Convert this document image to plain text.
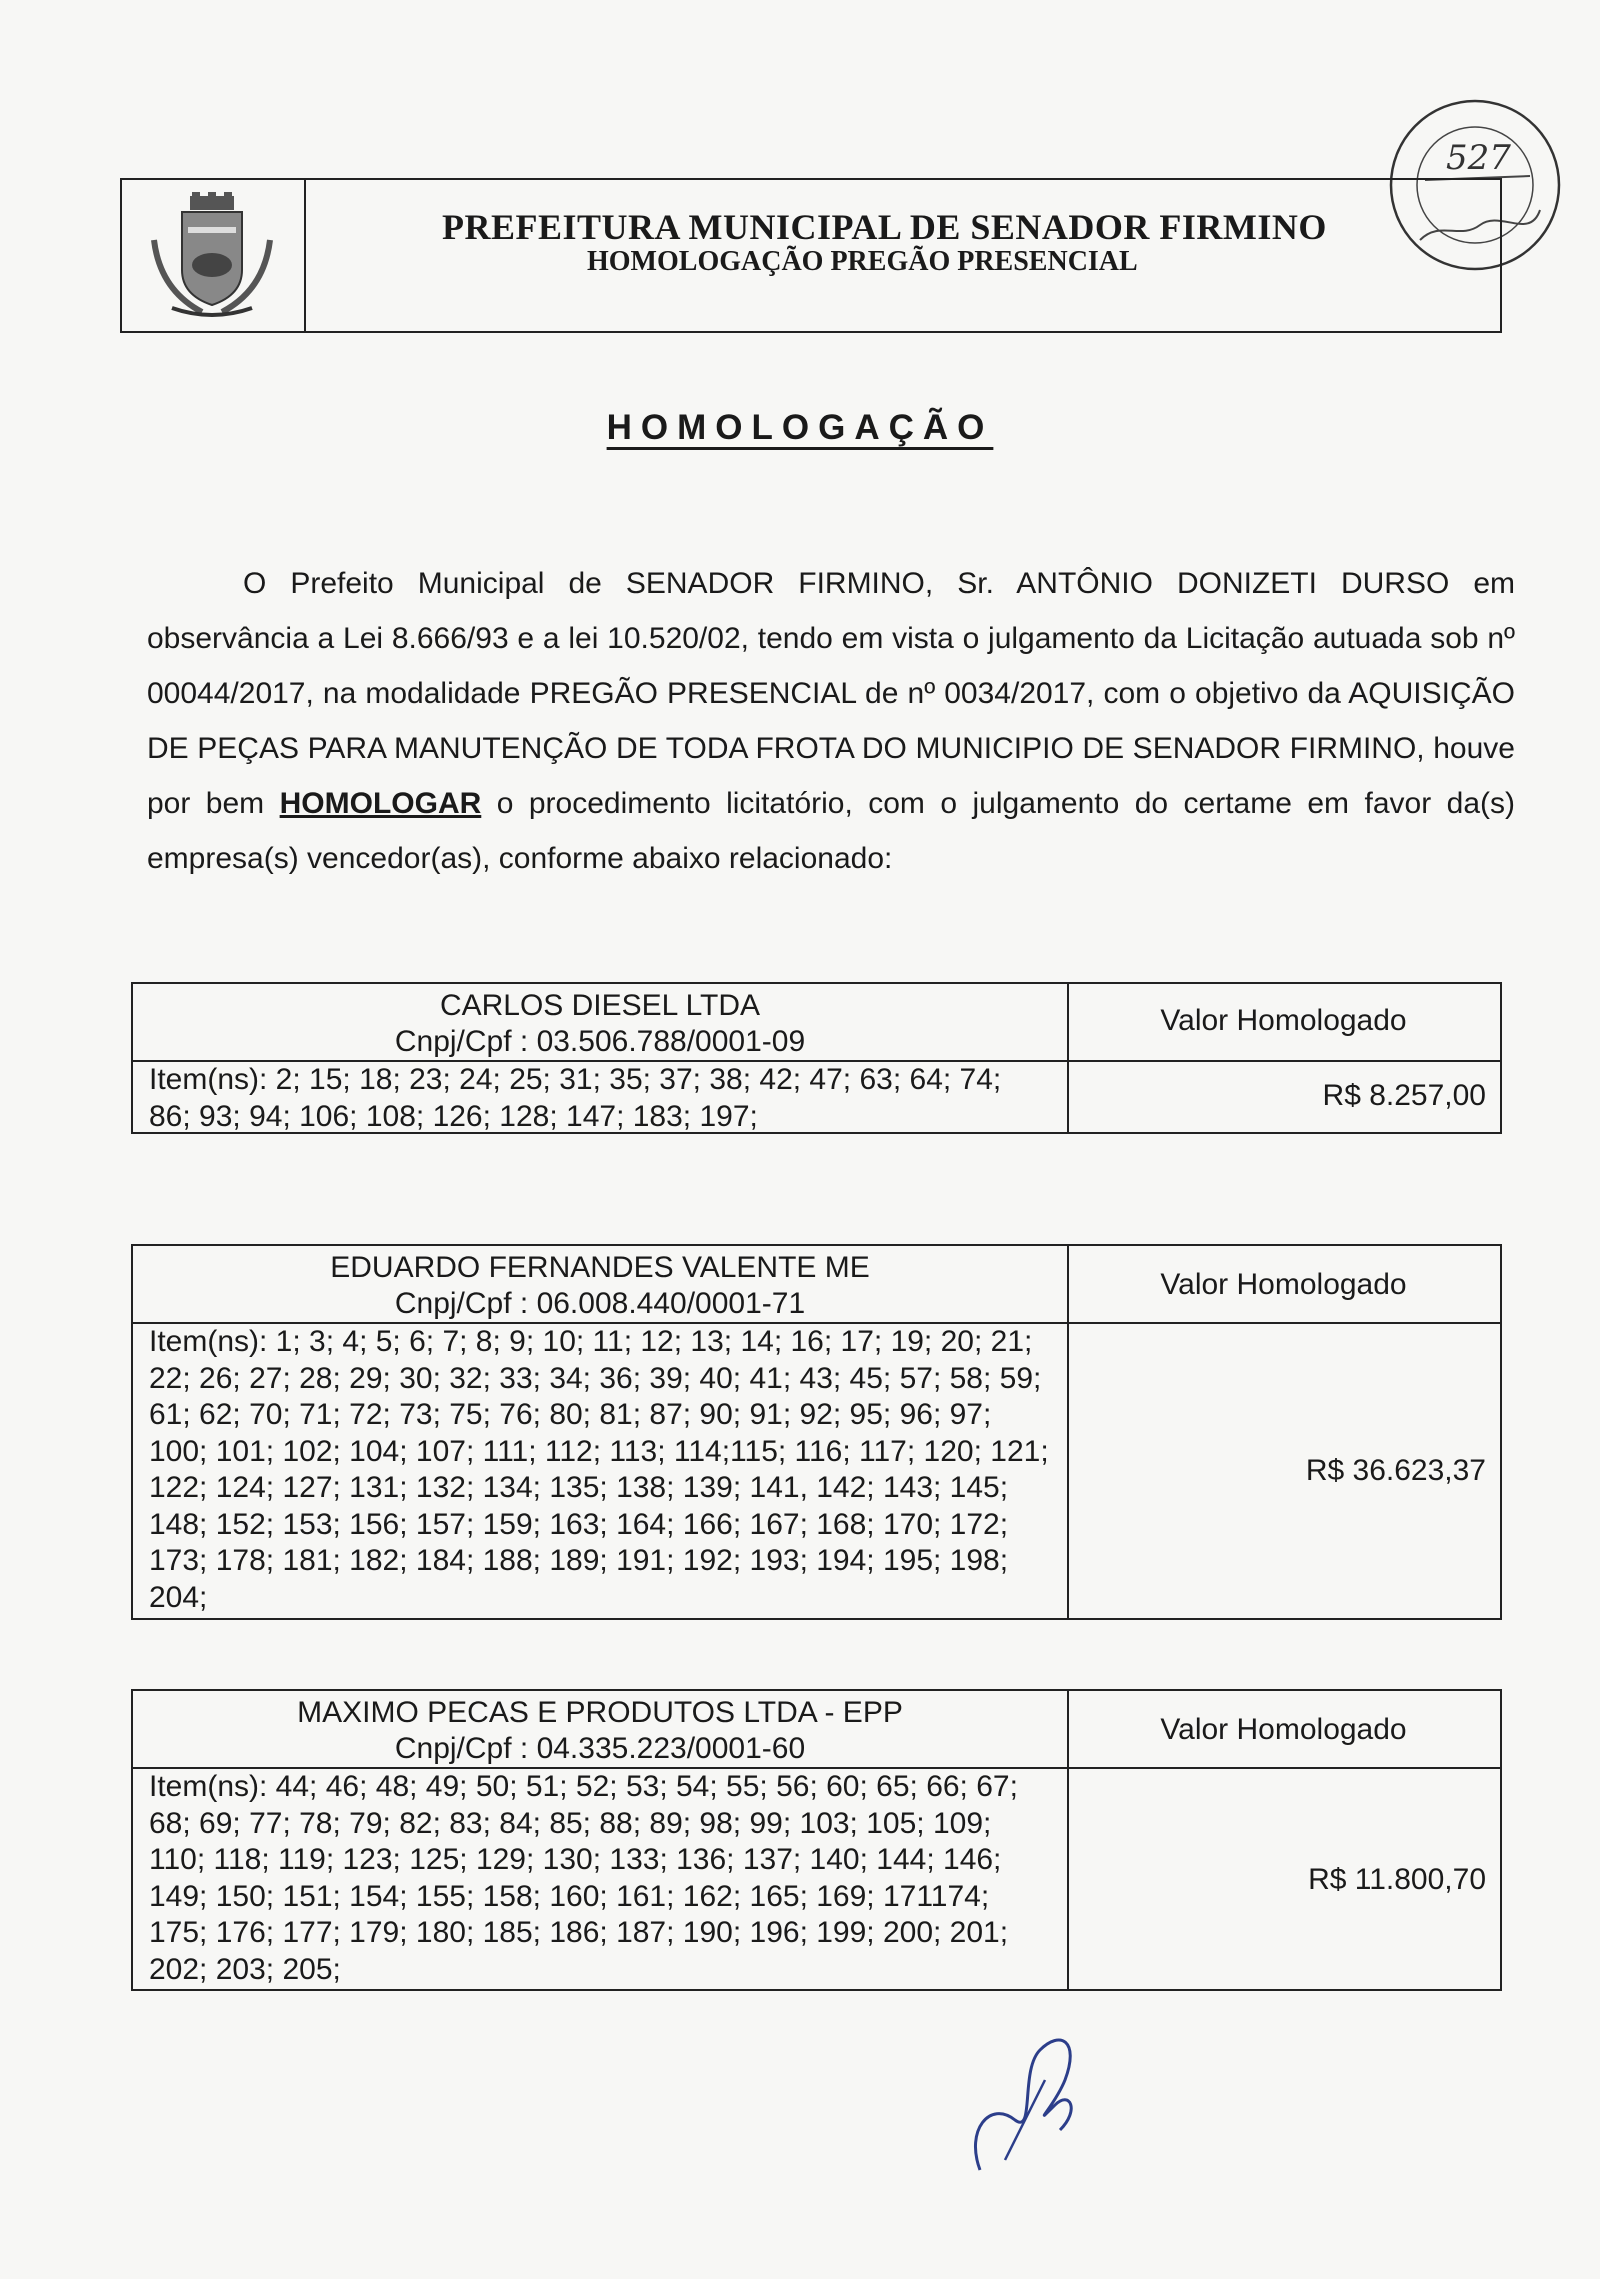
527
PREFEITURA MUNICIPAL DE SENADOR FIRMINO
HOMOLOGAÇÃO PREGÃO PRESENCIAL
HOMOLOGAÇÃO

O Prefeito Municipal de SENADOR FIRMINO, Sr. ANTÔNIO DONIZETI DURSO em observância a Lei 8.666/93 e a lei 10.520/02, tendo em vista o julgamento da Licitação autuada sob nº 00044/2017, na modalidade PREGÃO PRESENCIAL de nº 0034/2017, com o objetivo da AQUISIÇÃO DE PEÇAS PARA MANUTENÇÃO DE TODA FROTA DO MUNICIPIO DE SENADOR FIRMINO, houve por bem HOMOLOGAR o procedimento licitatório, com o julgamento do certame em favor da(s) empresa(s) vencedor(as), conforme abaixo relacionado:

CARLOS DIESEL LTDA
Cnpj/Cpf : 03.506.788/0001-09
Item(ns): 2; 15; 18; 23; 24; 25; 31; 35; 37; 38; 42; 47; 63; 64; 74; 86; 93; 94; 106; 108; 126; 128; 147; 183; 197;
Valor Homologado
R$ 8.257,00
EDUARDO FERNANDES VALENTE ME
Cnpj/Cpf : 06.008.440/0001-71
Item(ns): 1; 3; 4; 5; 6; 7; 8; 9; 10; 11; 12; 13; 14; 16; 17; 19; 20; 21; 22; 26; 27; 28; 29; 30; 32; 33; 34; 36; 39; 40; 41; 43; 45; 57; 58; 59; 61; 62; 70; 71; 72; 73; 75; 76; 80; 81; 87; 90; 91; 92; 95; 96; 97; 100; 101; 102; 104; 107; 111; 112; 113; 114;115; 116; 117; 120; 121; 122; 124; 127; 131; 132; 134; 135; 138; 139; 141, 142; 143; 145; 148; 152; 153; 156; 157; 159; 163; 164; 166; 167; 168; 170; 172; 173; 178; 181; 182; 184; 188; 189; 191; 192; 193; 194; 195; 198; 204;
Valor Homologado
R$ 36.623,37
MAXIMO PECAS E PRODUTOS LTDA - EPP
Cnpj/Cpf : 04.335.223/0001-60
Item(ns): 44; 46; 48; 49; 50; 51; 52; 53; 54; 55; 56; 60; 65; 66; 67; 68; 69; 77; 78; 79; 82; 83; 84; 85; 88; 89; 98; 99; 103; 105; 109; 110; 118; 119; 123; 125; 129; 130; 133; 136; 137; 140; 144; 146; 149; 150; 151; 154; 155; 158; 160; 161; 162; 165; 169; 171174; 175; 176; 177; 179; 180; 185; 186; 187; 190; 196; 199; 200; 201; 202; 203; 205;
Valor Homologado
R$ 11.800,70
